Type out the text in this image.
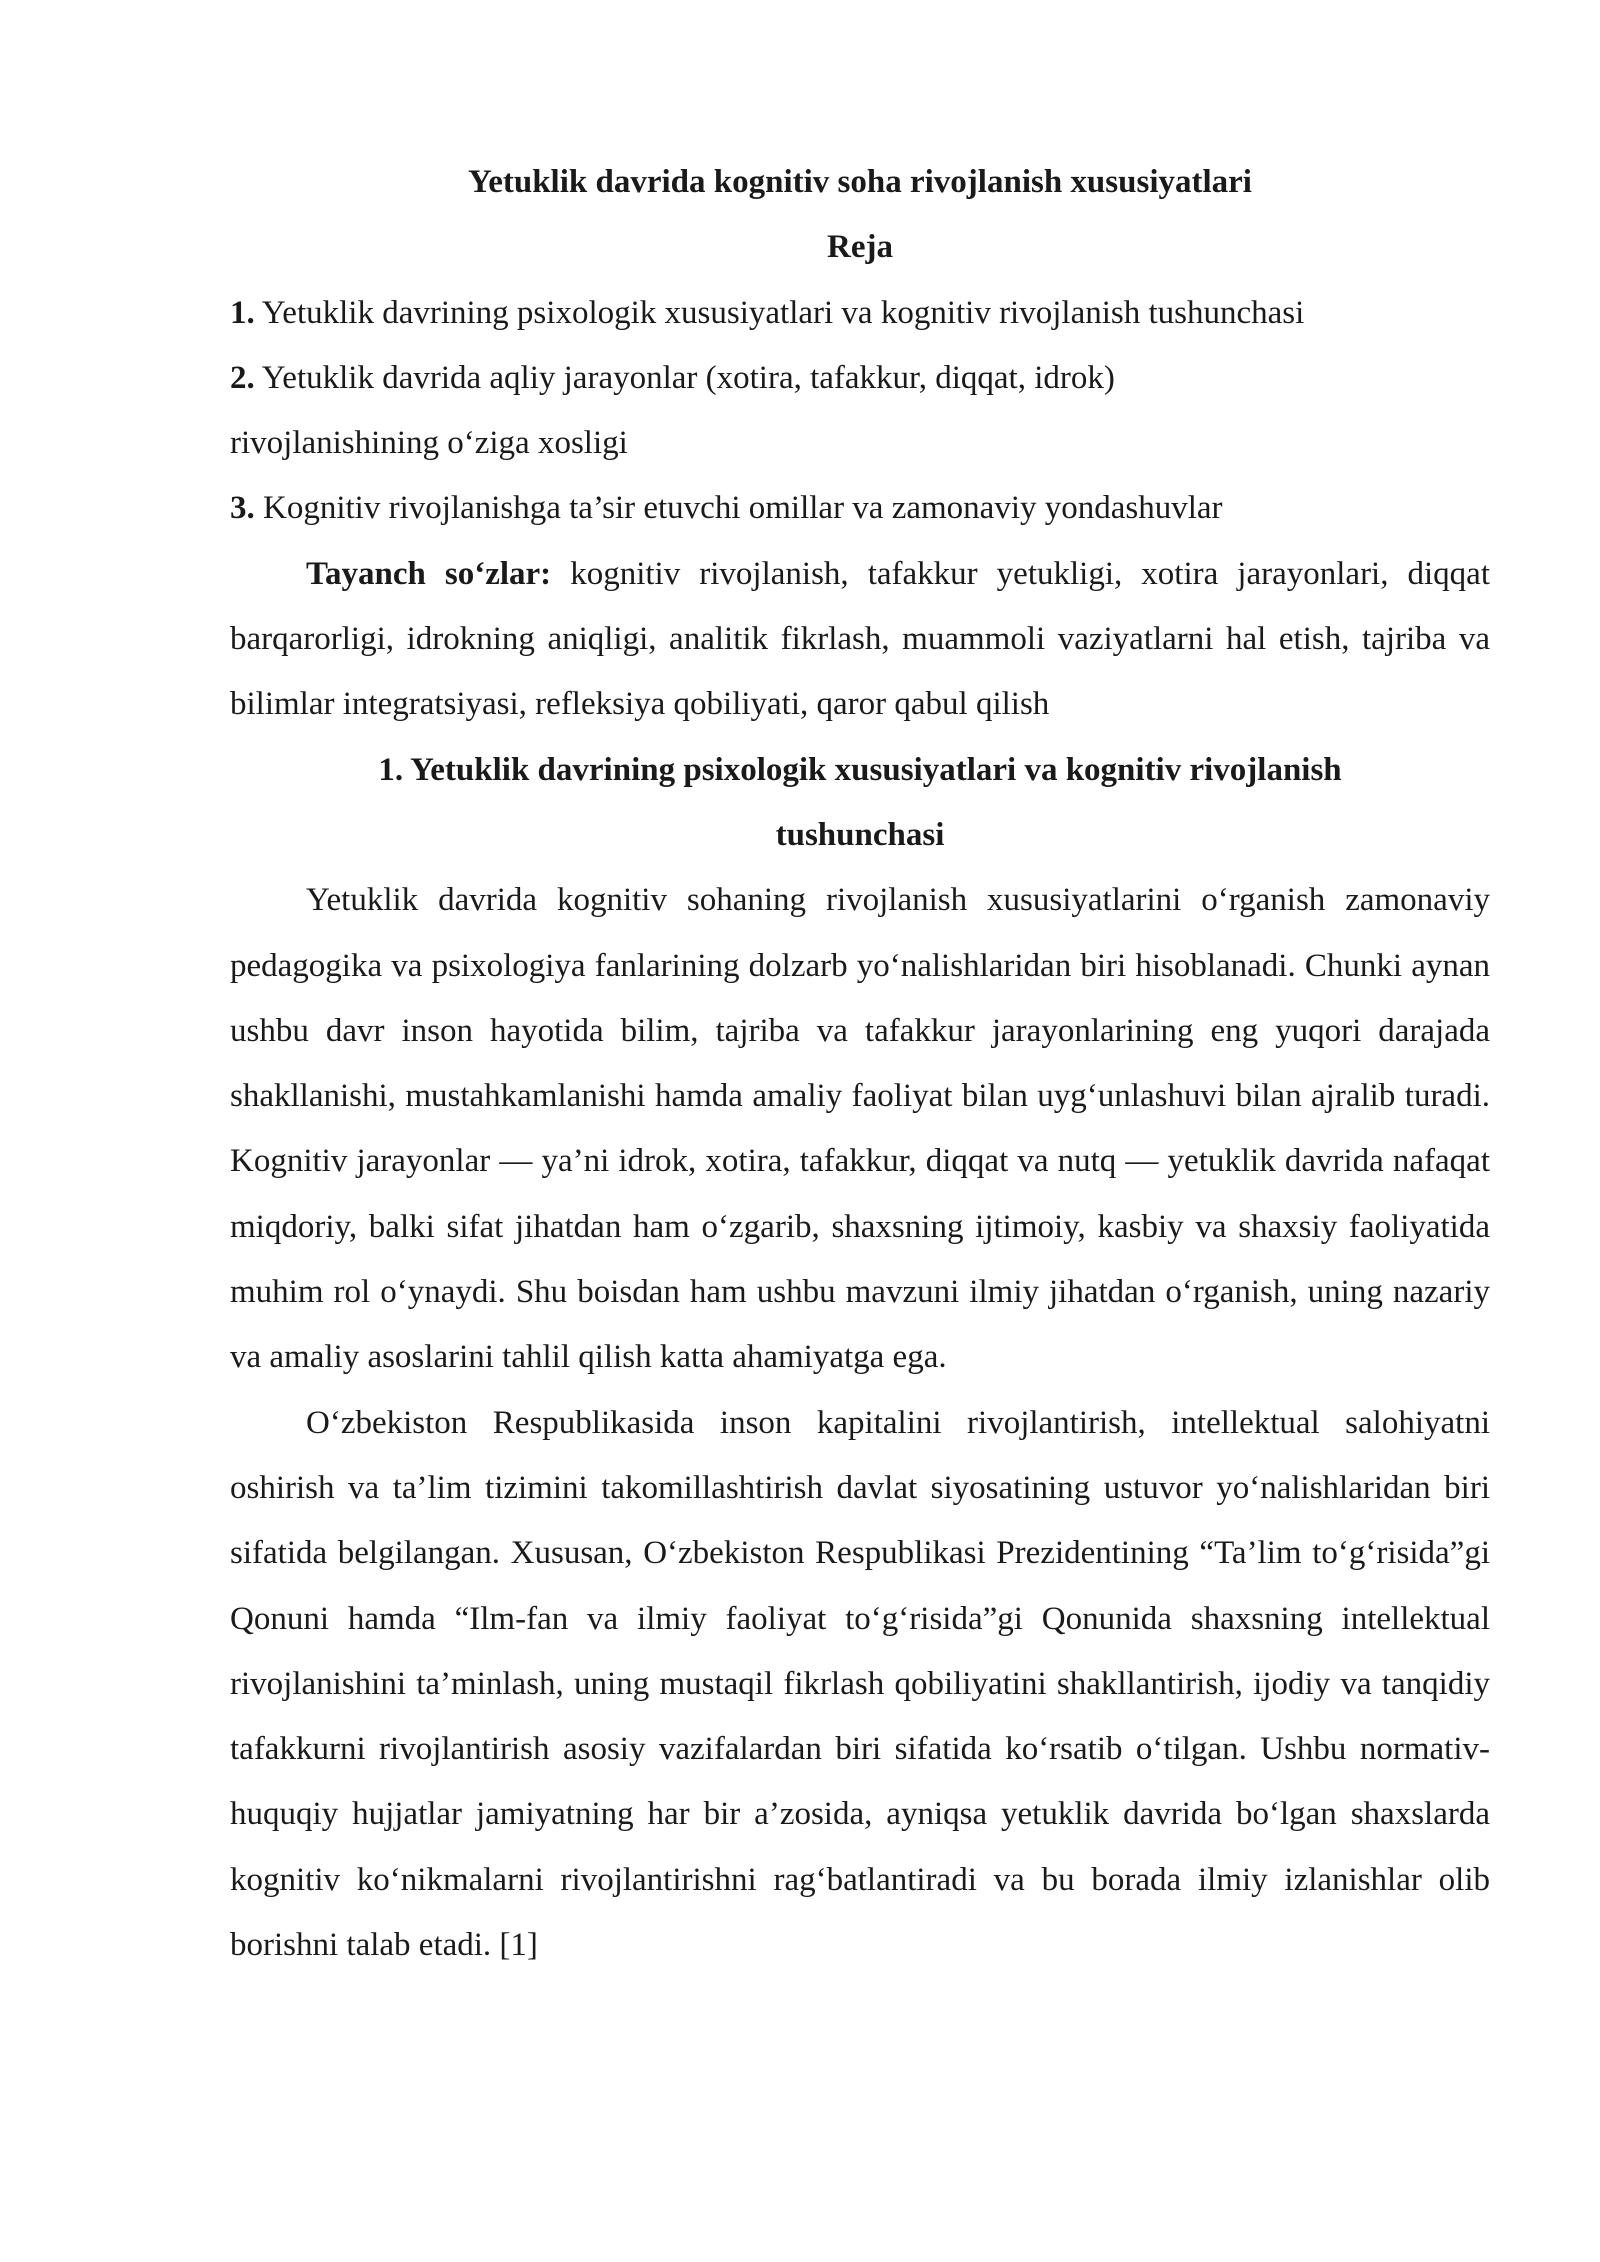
Yetuklik davrida kognitiv soha rivojlanish xususiyatlari
Reja
1. Yetuklik davrining psixologik xususiyatlari va kognitiv rivojlanish tushunchasi
2. Yetuklik davrida aqliy jarayonlar (xotira, tafakkur, diqqat, idrok) rivojlanishining o‘ziga xosligi
3. Kognitiv rivojlanishga ta’sir etuvchi omillar va zamonaviy yondashuvlar

Tayanch so‘zlar: kognitiv rivojlanish, tafakkur yetukligi, xotira jarayonlari, diqqat barqarorligi, idrokning aniqligi, analitik fikrlash, muammoli vaziyatlarni hal etish, tajriba va bilimlar integratsiyasi, refleksiya qobiliyati, qaror qabul qilish

1. Yetuklik davrining psixologik xususiyatlari va kognitiv rivojlanish tushunchasi

Yetuklik davrida kognitiv sohaning rivojlanish xususiyatlarini o‘rganish zamonaviy pedagogika va psixologiya fanlarining dolzarb yo‘nalishlaridan biri hisoblanadi. Chunki aynan ushbu davr inson hayotida bilim, tajriba va tafakkur jarayonlarining eng yuqori darajada shakllanishi, mustahkamlanishi hamda amaliy faoliyat bilan uyg‘unlashuvi bilan ajralib turadi. Kognitiv jarayonlar — ya’ni idrok, xotira, tafakkur, diqqat va nutq — yetuklik davrida nafaqat miqdoriy, balki sifat jihatdan ham o‘zgarib, shaxsning ijtimoiy, kasbiy va shaxsiy faoliyatida muhim rol o‘ynaydi. Shu boisdan ham ushbu mavzuni ilmiy jihatdan o‘rganish, uning nazariy va amaliy asoslarini tahlil qilish katta ahamiyatga ega.

O‘zbekiston Respublikasida inson kapitalini rivojlantirish, intellektual salohiyatni oshirish va ta’lim tizimini takomillashtirish davlat siyosatining ustuvor yo‘nalishlaridan biri sifatida belgilangan. Xususan, O‘zbekiston Respublikasi Prezidentining “Ta’lim to‘g‘risida”gi Qonuni hamda “Ilm-fan va ilmiy faoliyat to‘g‘risida”gi Qonunida shaxsning intellektual rivojlanishini ta’minlash, uning mustaqil fikrlash qobiliyatini shakllantirish, ijodiy va tanqidiy tafakkurni rivojlantirish asosiy vazifalardan biri sifatida ko‘rsatib o‘tilgan. Ushbu normativ-huquqiy hujjatlar jamiyatning har bir a’zosida, ayniqsa yetuklik davrida bo‘lgan shaxslarda kognitiv ko‘nikmalarni rivojlantirishni rag‘batlantiradi va bu borada ilmiy izlanishlar olib borishni talab etadi. [1]
